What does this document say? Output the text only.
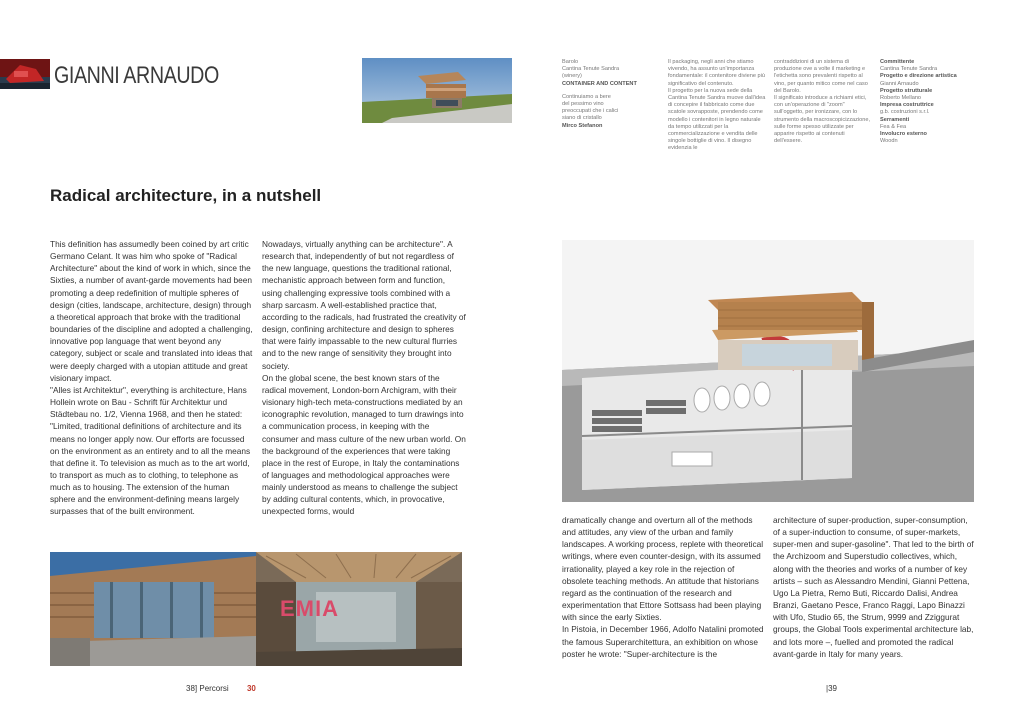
GIANNI ARNAUDO
Radical architecture, in a nutshell

This definition has assumedly been coined by art critic Germano Celant. It was him who spoke of "Radical Architecture" about the kind of work in which, since the Sixties, a number of avant-garde movements had been promoting a deep redefinition of multiple spheres of design (cities, landscape, architecture, design) through a theoretical approach that broke with the traditional boundaries of the discipline and adopted a challenging, innovative pop language that went beyond any category, subject or scale and translated into ideas that were deeply charged with a utopian attitude and great visionary impact.

"Alles ist Architektur", everything is architecture, Hans Hollein wrote on Bau - Schrift für Architektur und Städtebau no. 1/2, Vienna 1968, and then he stated: "Limited, traditional definitions of architecture and its means no longer apply now. Our efforts are focussed on the environment as an entirety and to all the means that define it. To television as much as to the art world, to transport as much as to clothing, to telephone as much as to housing. The extension of the human sphere and the environment-defining means largely surpasses that of the built environment.

Nowadays, virtually anything can be architecture". A research that, independently of but not regardless of the new language, questions the traditional rational, mechanistic approach between form and function, using challenging expressive tools combined with a sharp sarcasm. A well-established practice that, according to the radicals, had frustrated the creativity of design, confining architecture and design to spheres that were fairly impassable to the new cultural flurries and to the new range of sensitivity they brought into society.

On the global scene, the best known stars of the radical movement, London-born Archigram, with their visionary high-tech meta-constructions mediated by an iconographic revolution, managed to turn drawings into a communication process, in keeping with the consumer and mass culture of the new urban world. On the background of the experiences that were taking place in the rest of Europe, in Italy the contaminations of languages and methodological approaches were mainly understood as means to challenge the subject by adding cultural contents, which, in provocative, unexpected forms, would

EMIA
38] Percorsi 30

Barolo

Cantina Tenute Sandra

(winery)

CONTAINER AND CONTENT

Continuiamo a bere

del pessimo vino

preoccupati che i calici

siano di cristallo

Mirco Stefanon

Il packaging, negli anni che stiamo vivendo, ha assunto un'importanza fondamentale: il contenitore diviene più significativo del contenuto.

Il progetto per la nuova sede della Cantina Tenute Sandra muove dall'idea di concepire il fabbricato come due scatole sovrapposte, prendendo come modello i contenitori in legno naturale da tempo utilizzati per la commercializzazione e vendita delle singole bottiglie di vino. Il disegno evidenzia le

contraddizioni di un sistema di produzione ove a volte il marketing e l'etichetta sono prevalenti rispetto al vino, per quanto mitico come nel caso del Barolo.

Il significato introduce a richiami etici, con un'operazione di "zoom" sull'oggetto, per ironizzare, con lo strumento della macroscopicizzazione, sulle forme spesso utilizzate per apparire rispetto ai contenuti dell'essere.

Committente

Cantina Tenute Sandra

Progetto e direzione artistica

Gianni Arnaudo

Progetto strutturale

Roberto Mellano

Impresa costruttrice

g.b. costruzioni s.r.l.

Serramenti

Fea & Fea

Involucro esterno

Woodn

dramatically change and overturn all of the methods and attitudes, any view of the urban and family landscapes. A working process, replete with theoretical writings, where even counter-design, with its assumed irrationality, played a key role in the rejection of obsolete teaching methods. An attitude that historians regard as the continuation of the research and experimentation that Ettore Sottsass had been playing with since the early Sixties.

In Pistoia, in December 1966, Adolfo Natalini promoted the famous Superarchitettura, an exhibition on whose poster he wrote: "Super-architecture is the

architecture of super-production, super-consumption, of a super-induction to consume, of super-markets, super-men and super-gasoline". That led to the birth of the Archizoom and Superstudio collectives, which, along with the theories and works of a number of key artists – such as Alessandro Mendini, Gianni Pettena, Ugo La Pietra, Remo Buti, Riccardo Dalisi, Andrea Branzi, Gaetano Pesce, Franco Raggi, Lapo Binazzi with Ufo, Studio 65, the Strum, 9999 and Zziggurat groups, the Global Tools experimental architecture lab, and lots more –, fuelled and promoted the radical avant-garde in Italy for many years.

|39
